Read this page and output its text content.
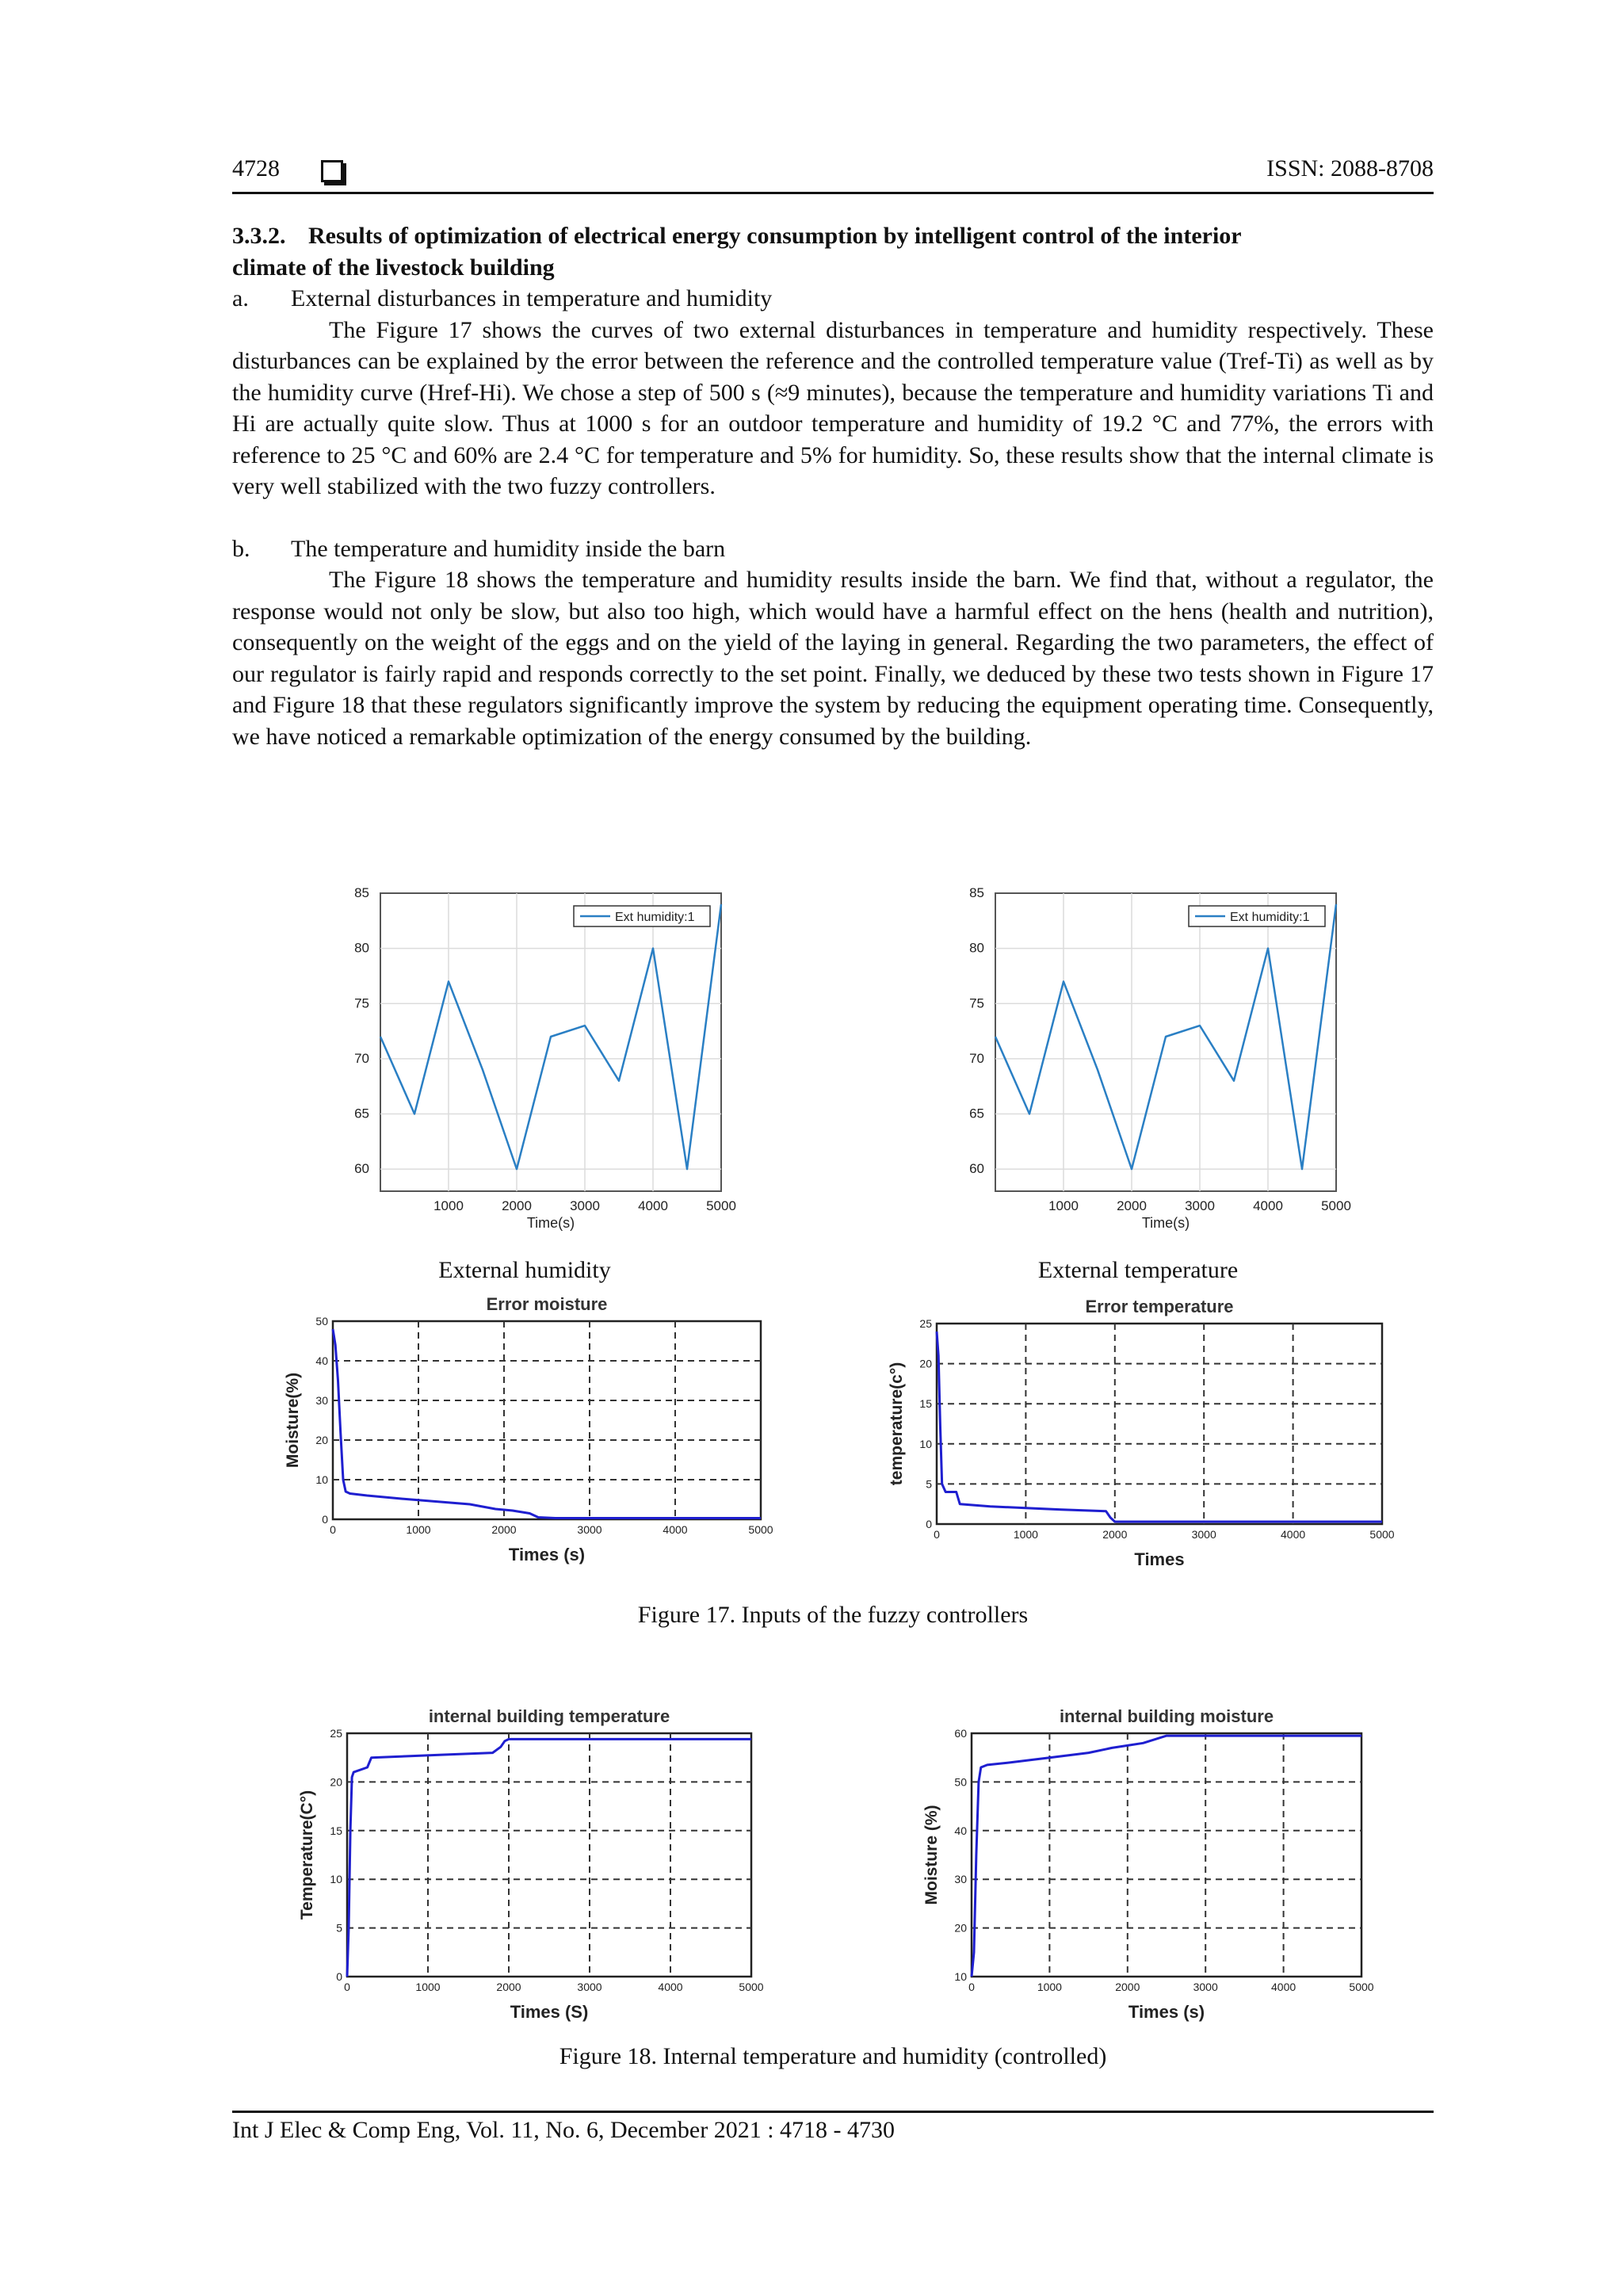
4728	ISSN: 2088-8708

3.3.2. Results of optimization of electrical energy consumption by intelligent control of the interior

climate of the livestock building

a. External disturbances in temperature and humidity

The Figure 17 shows the curves of two external disturbances in temperature and humidity respectively. These disturbances can be explained by the error between the reference and the controlled temperature value (Tref-Ti) as well as by the humidity curve (Href-Hi). We chose a step of 500 s (≈9 minutes), because the temperature and humidity variations Ti and Hi are actually quite slow. Thus at 1000 s for an outdoor temperature and humidity of 19.2 °C and 77%, the errors with reference to 25 °C and 60% are 2.4 °C for temperature and 5% for humidity. So, these results show that the internal climate is very well stabilized with the two fuzzy controllers.

b. The temperature and humidity inside the barn

The Figure 18 shows the temperature and humidity results inside the barn. We find that, without a regulator, the response would not only be slow, but also too high, which would have a harmful effect on the hens (health and nutrition), consequently on the weight of the eggs and on the yield of the laying in general. Regarding the two parameters, the effect of our regulator is fairly rapid and responds correctly to the set point. Finally, we deduced by these two tests shown in Figure 17 and Figure 18 that these regulators significantly improve the system by reducing the equipment operating time. Consequently, we have noticed a remarkable optimization of the energy consumed by the building.

1000	2000	3000	4000	5000
60
65
70
75
80
85
Time(s)
Ext humidity:1
1000	2000	3000	4000	5000
60
65
70
75
80
85
Time(s)
Ext humidity:1
External humidity	External temperature
0	1000	2000	3000	4000	5000
0
10
20
30
40
50
Error moisture
Times (s)
Moisture(%)
0	1000	2000	3000	4000	5000
0
5
10
15
20
25
Error temperature
Times
temperature(c°)
Figure 17. Inputs of the fuzzy controllers
0	1000	2000	3000	4000	5000
0
5
10
15
20
25
internal building temperature
Times (S)
Temperature(C°)
0	1000	2000	3000	4000	5000
10
20
30
40
50
60
internal building moisture
Times (s)
Moisture (%)
Figure 18. Internal temperature and humidity (controlled)
Int J Elec & Comp Eng, Vol. 11, No. 6, December 2021 : 4718 - 4730
